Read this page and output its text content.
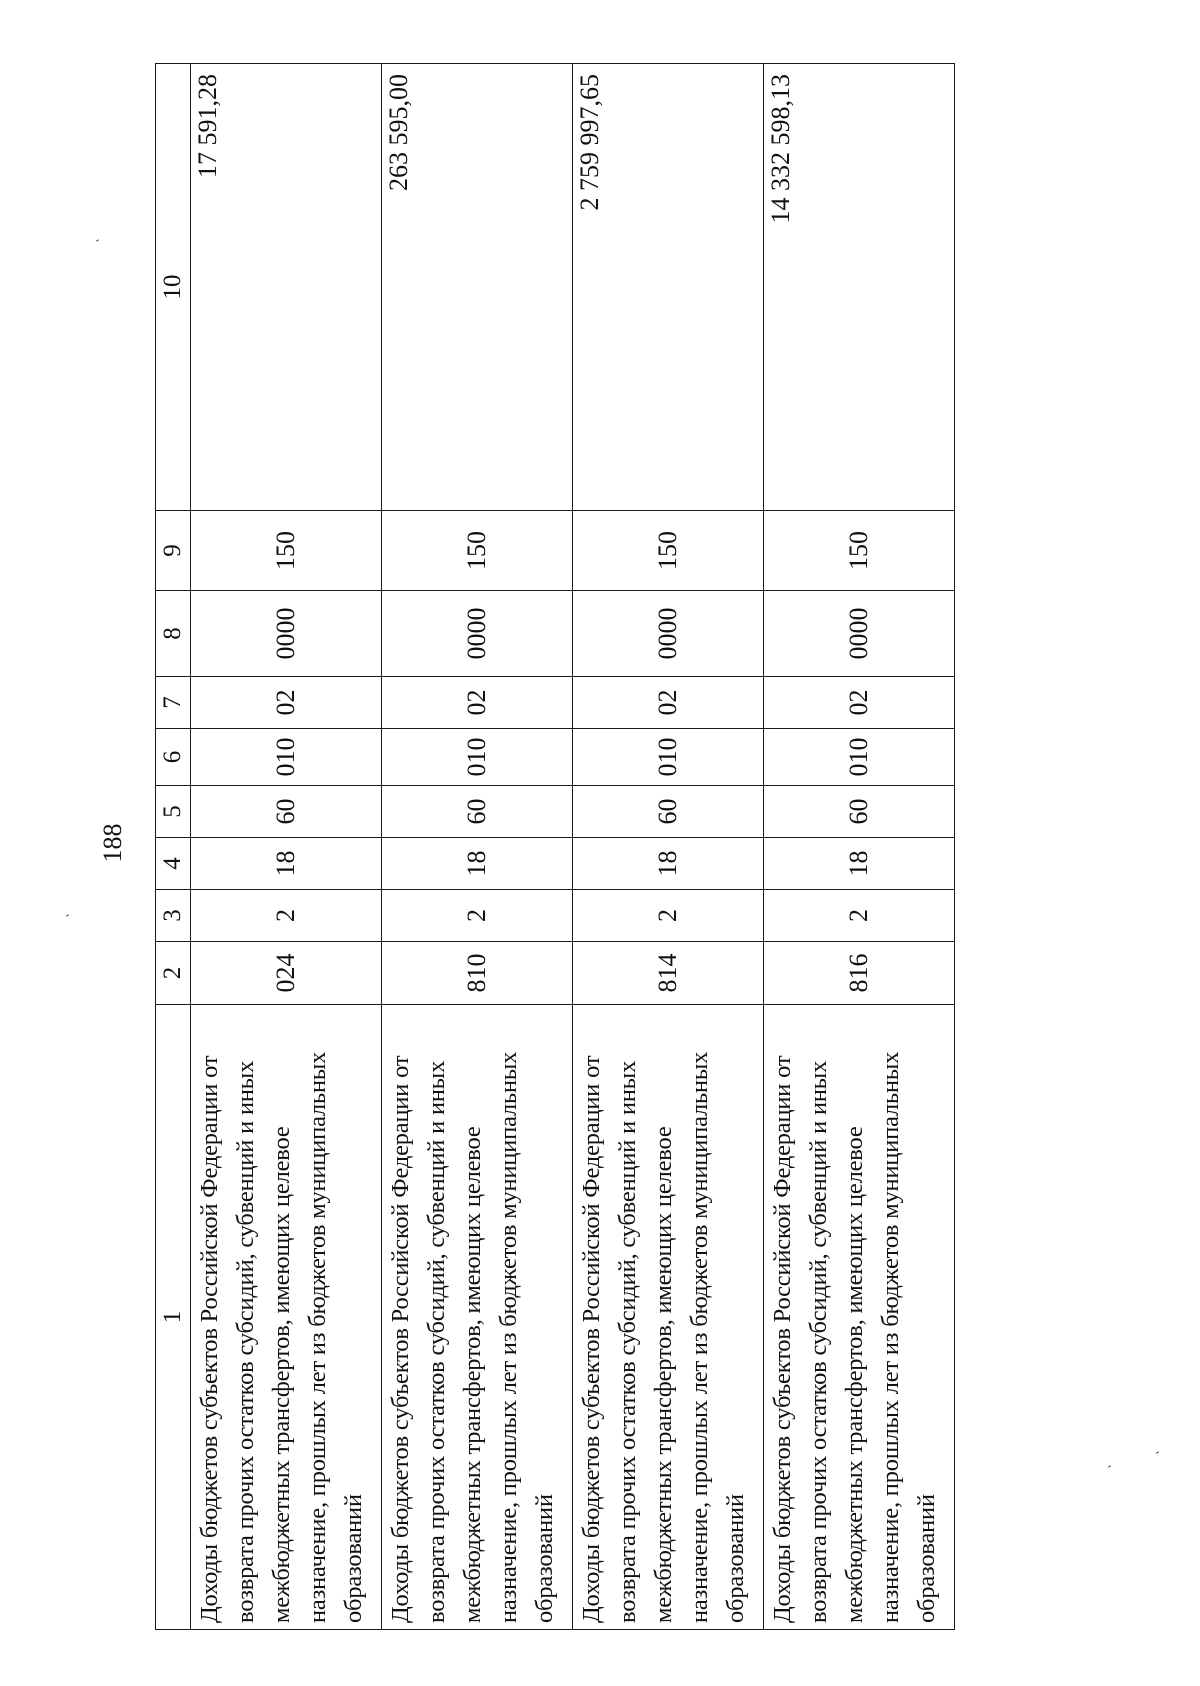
188
1	2	3	4	5	6	7	8	9	10
Доходы бюджетов субъектов Российской Федерации от возврата прочих остатков субсидий, субвенций и иных межбюджетных трансфертов, имеющих целевое назначение, прошлых лет из бюджетов муниципальных образований	024	2	18	60	010	02	0000	150	17 591,28
Доходы бюджетов субъектов Российской Федерации от возврата прочих остатков субсидий, субвенций и иных межбюджетных трансфертов, имеющих целевое назначение, прошлых лет из бюджетов муниципальных образований	810	2	18	60	010	02	0000	150	263 595,00
Доходы бюджетов субъектов Российской Федерации от возврата прочих остатков субсидий, субвенций и иных межбюджетных трансфертов, имеющих целевое назначение, прошлых лет из бюджетов муниципальных образований	814	2	18	60	010	02	0000	150	2 759 997,65
Доходы бюджетов субъектов Российской Федерации от возврата прочих остатков субсидий, субвенций и иных межбюджетных трансфертов, имеющих целевое назначение, прошлых лет из бюджетов муниципальных образований	816	2	18	60	010	02	0000	150	14 332 598,13
